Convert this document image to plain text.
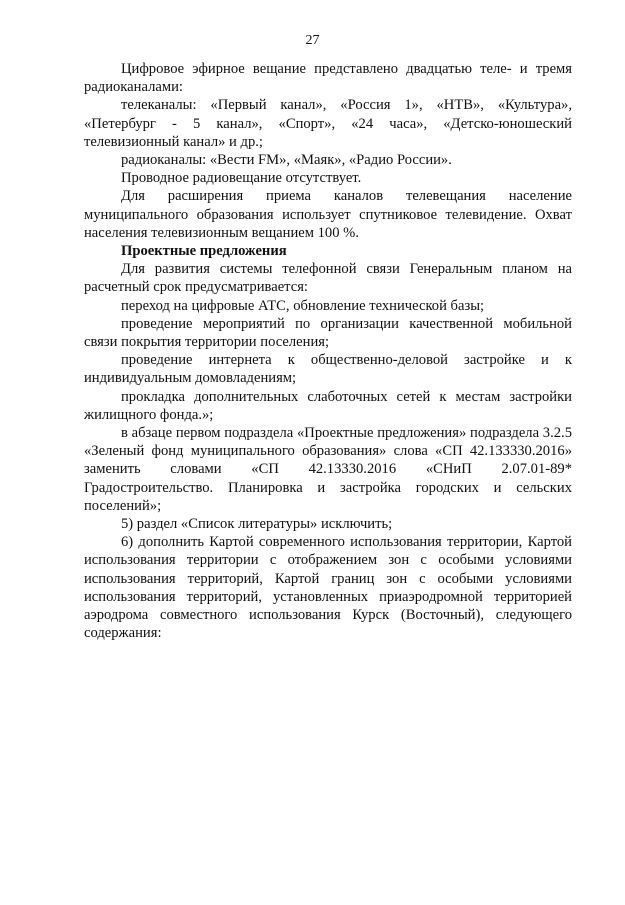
27

Цифровое эфирное вещание представлено двадцатью теле- и тремя радиоканалами:

телеканалы: «Первый канал», «Россия 1», «НТВ», «Культура», «Петербург - 5 канал», «Спорт», «24 часа», «Детско-юношеский телевизионный канал» и др.;

радиоканалы: «Вести FM», «Маяк», «Радио России».

Проводное радиовещание отсутствует.

Для расширения приема каналов телевещания население муниципального образования использует спутниковое телевидение. Охват населения телевизионным вещанием 100 %.

Проектные предложения

Для развития системы телефонной связи Генеральным планом на расчетный срок предусматривается:

переход на цифровые АТС, обновление технической базы;

проведение мероприятий по организации качественной мобильной связи покрытия территории поселения;

проведение интернета к общественно-деловой застройке и к индивидуальным домовладениям;

прокладка дополнительных слаботочных сетей к местам застройки жилищного фонда.»;

в абзаце первом подраздела «Проектные предложения» подраздела 3.2.5 «Зеленый фонд муниципального образования» слова «СП 42.133330.2016» заменить словами «СП 42.13330.2016 «СНиП 2.07.01-89* Градостроительство. Планировка и застройка городских и сельских поселений»;

5) раздел «Список литературы» исключить;

6) дополнить Картой современного использования территории, Картой использования территории с отображением зон с особыми условиями использования территорий, Картой границ зон с особыми условиями использования территорий, установленных приаэродромной территорией аэродрома совместного использования Курск (Восточный), следующего содержания:
